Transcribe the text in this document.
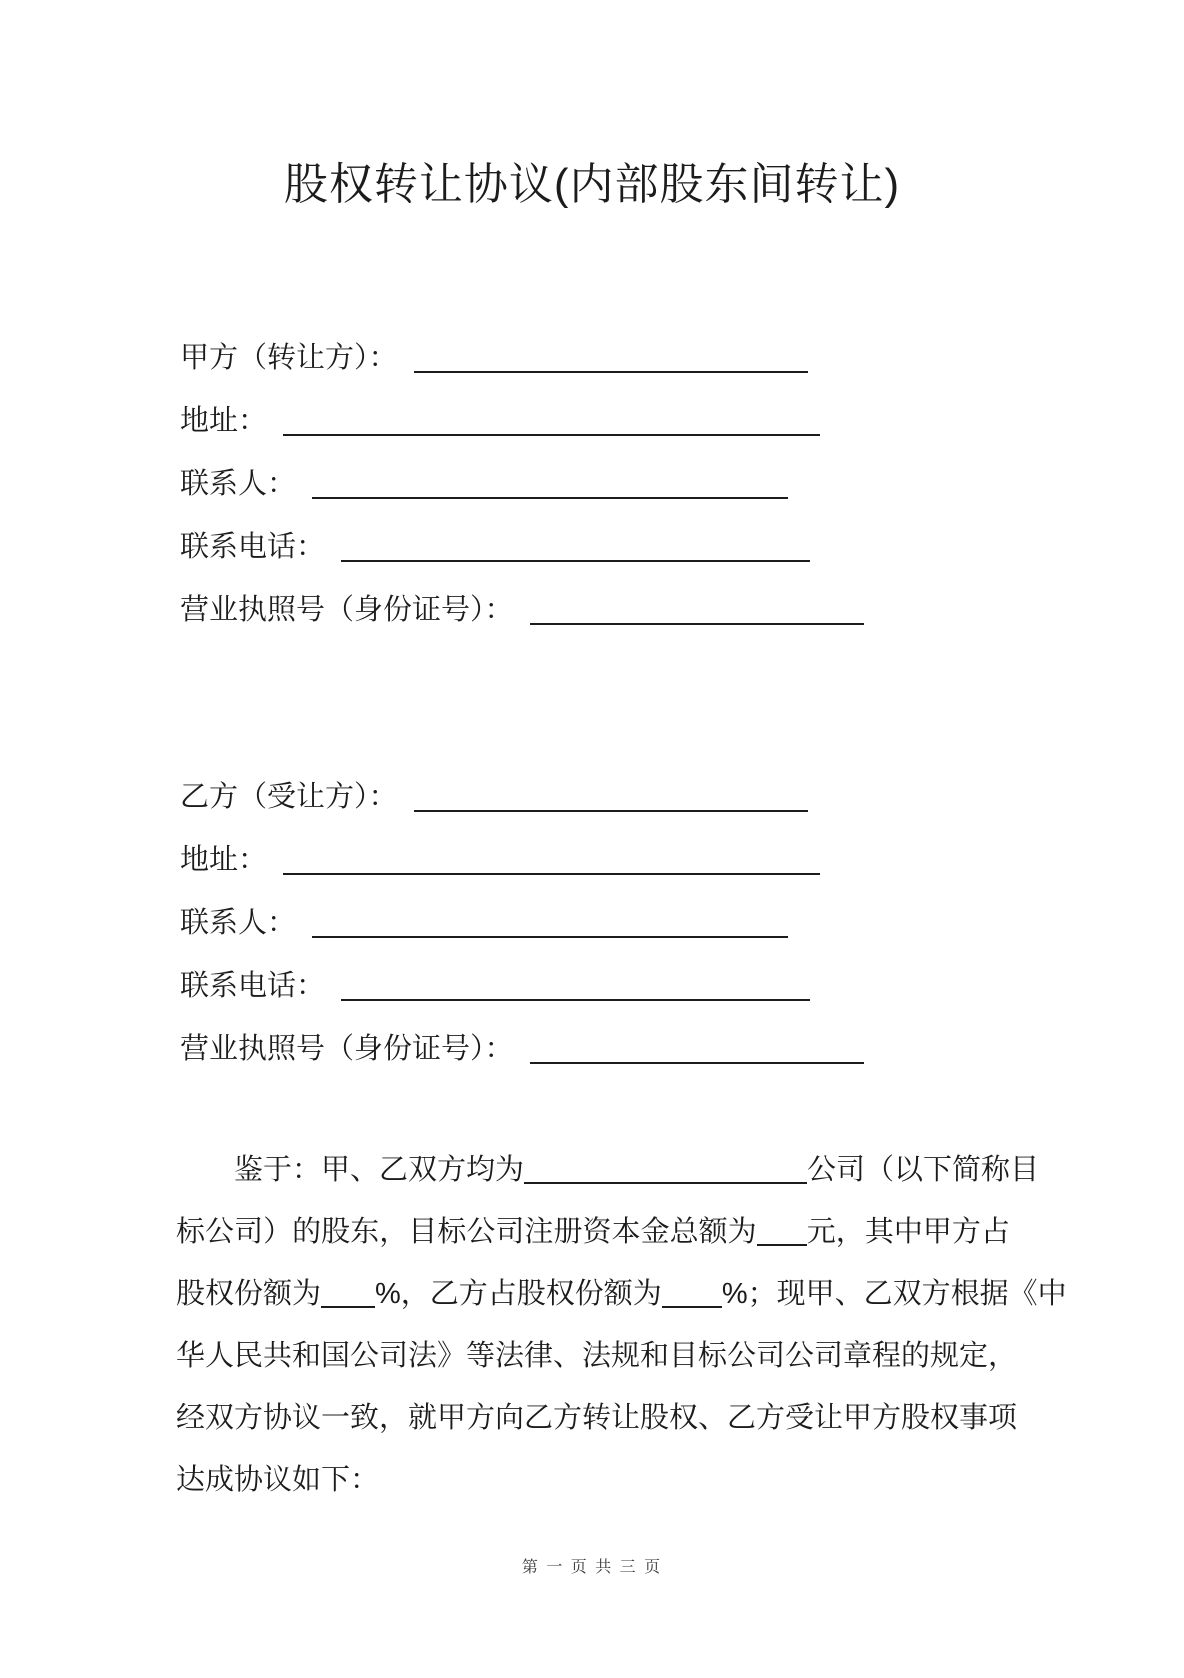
股权转让协议(内部股东间转让)
甲方（转让方）：
地址：
联系人：
联系电话：
营业执照号（身份证号）：
乙方（受让方）：
地址：
联系人：
联系电话：
营业执照号（身份证号）：
鉴于：甲、乙双方均为	公司（以下简称目
标公司）的股东，目标公司注册资本金总额为 元，其中甲方占
股权份额为 %，乙方占股权份额为 %；现甲、乙双方根据《中
华人民共和国公司法》等法律、法规和目标公司公司章程的规定，
经双方协议一致，就甲方向乙方转让股权、乙方受让甲方股权事项
达成协议如下：
第 一 页 共 三 页
